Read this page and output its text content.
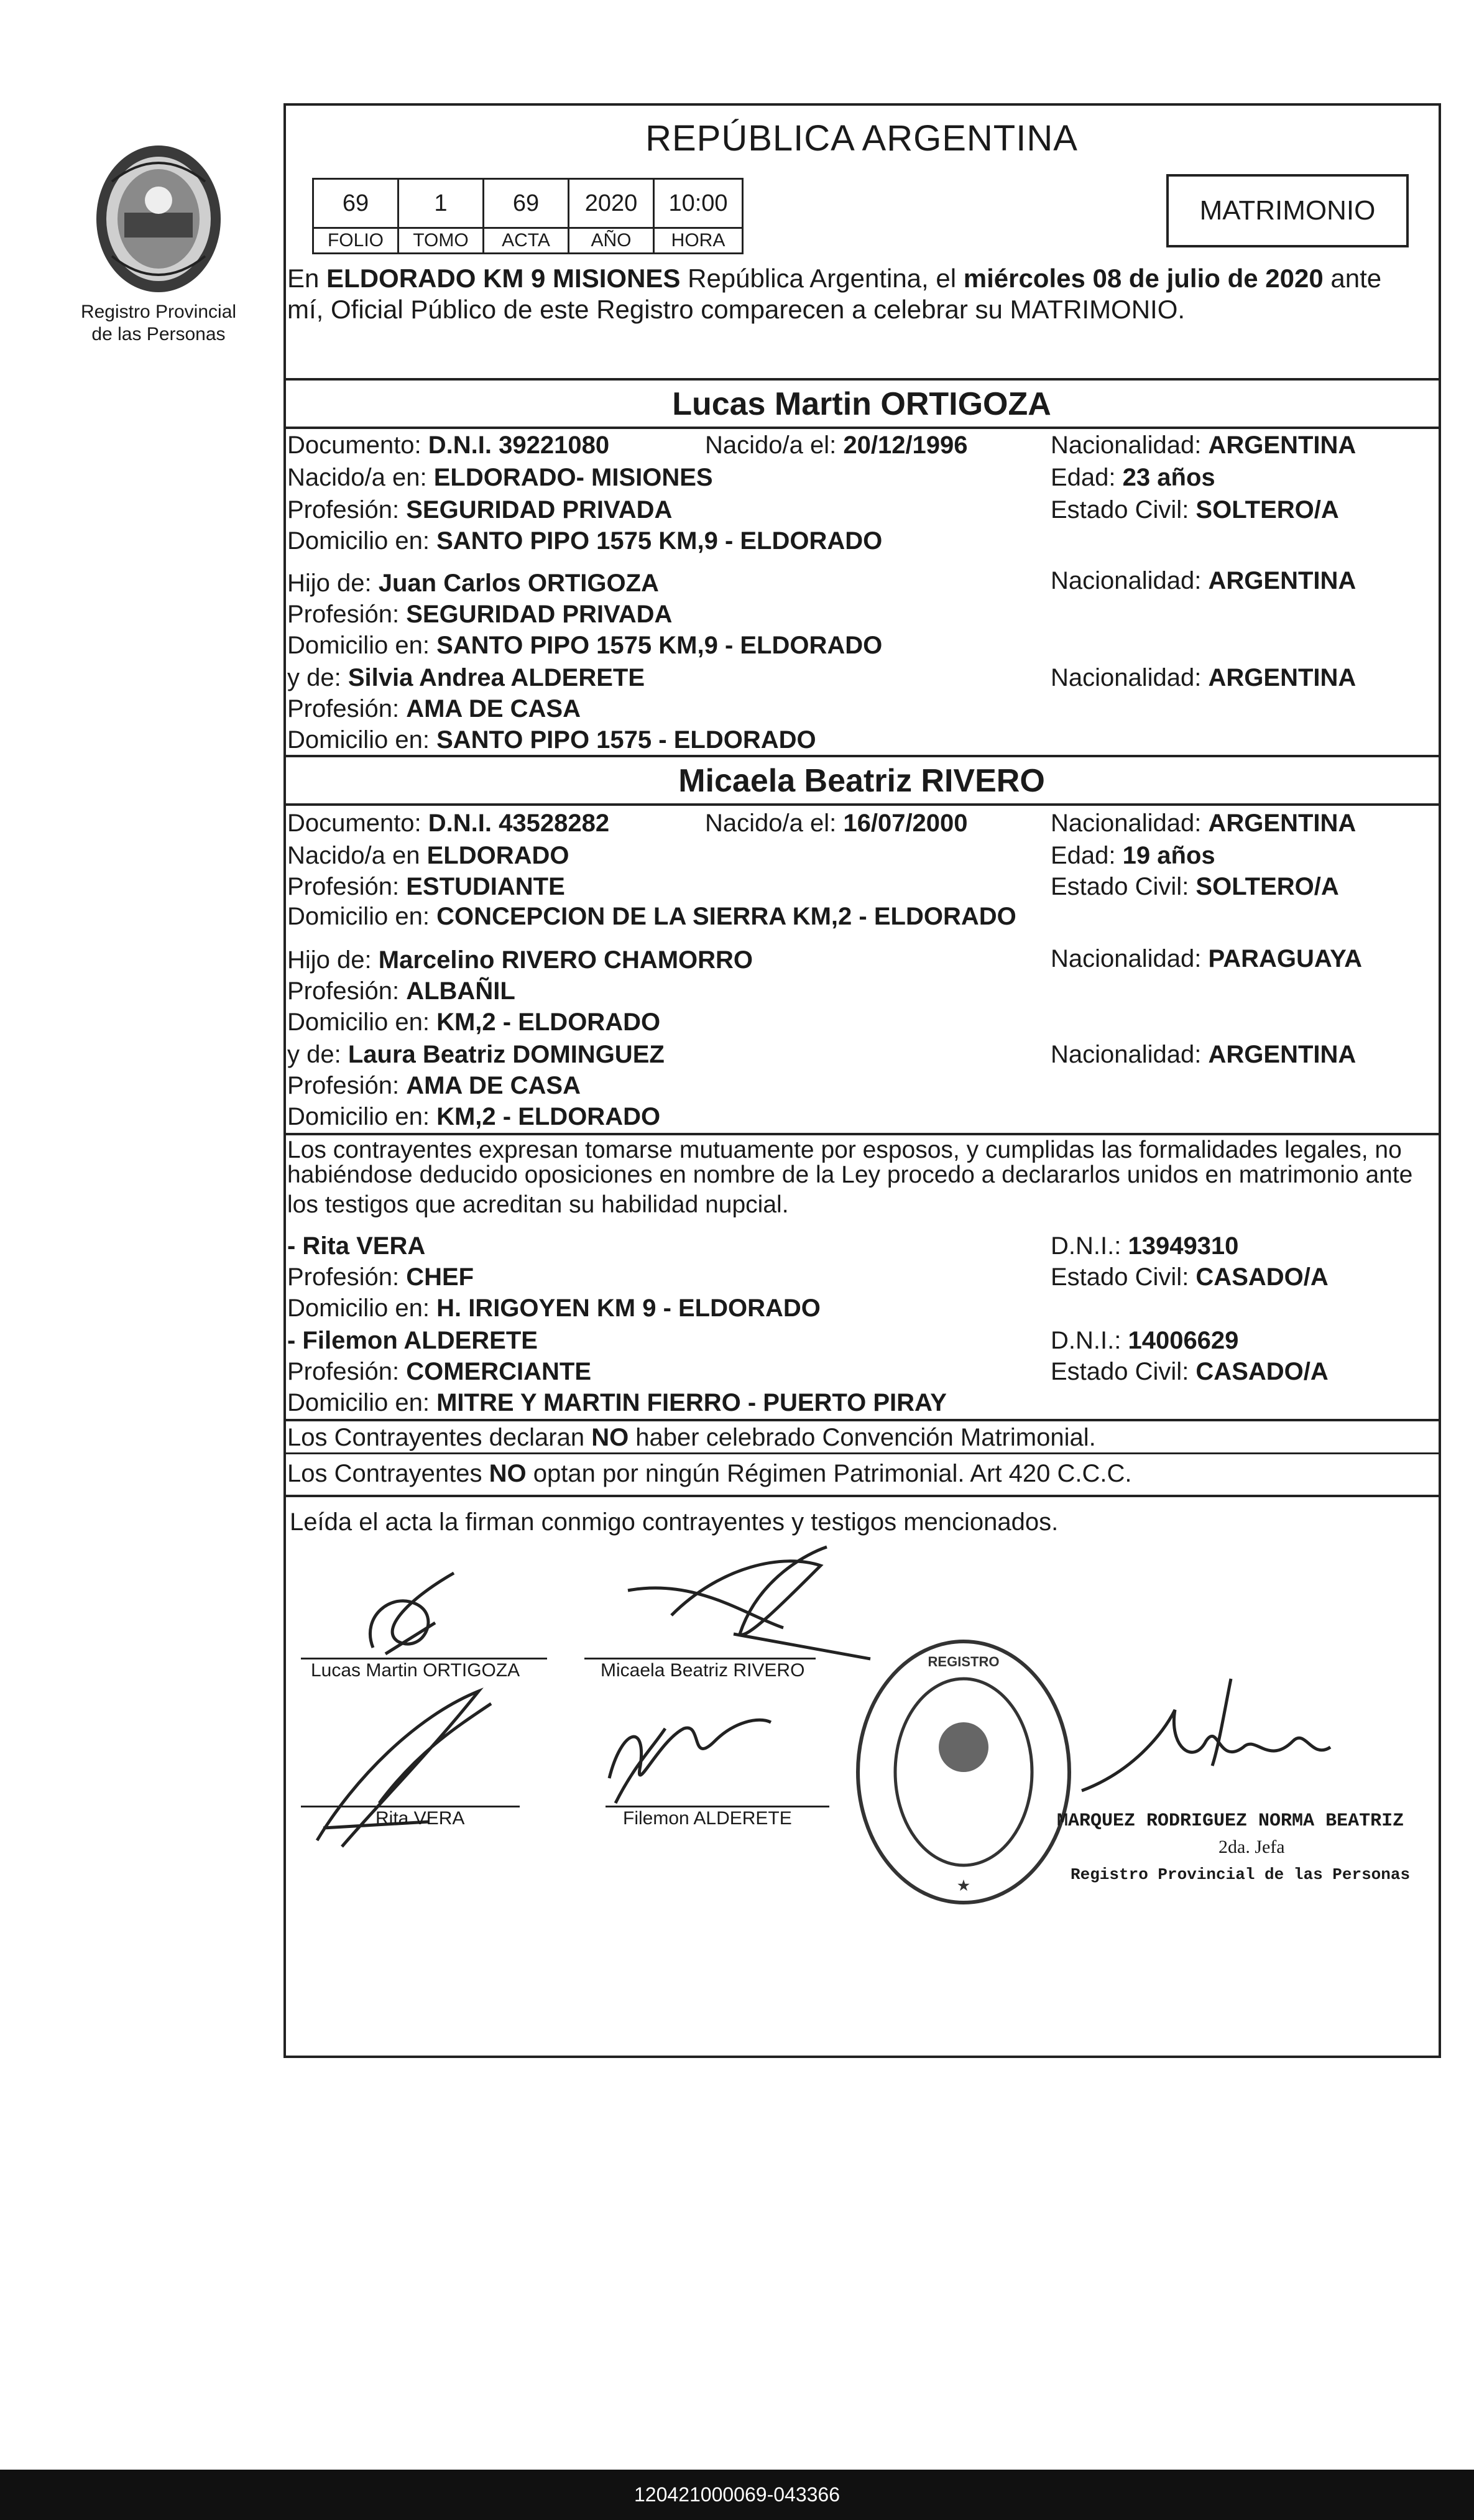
Registro Provincial
de las Personas
REPÚBLICA ARGENTINA
69	1	69	2020	10:00
FOLIO	TOMO	ACTA	AÑO	HORA
MATRIMONIO
En ELDORADO KM 9 MISIONES República Argentina, el miércoles 08 de julio de 2020 ante
mí, Oficial Público de este Registro comparecen a celebrar su MATRIMONIO.
Lucas Martin ORTIGOZA
Documento: D.N.I. 39221080	Nacido/a el: 20/12/1996	Nacionalidad: ARGENTINA
Nacido/a en: ELDORADO- MISIONES	Edad: 23 años
Profesión: SEGURIDAD PRIVADA	Estado Civil: SOLTERO/A
Domicilio en: SANTO PIPO 1575 KM,9 - ELDORADO
Hijo de: Juan Carlos ORTIGOZA	Nacionalidad: ARGENTINA
Profesión: SEGURIDAD PRIVADA
Domicilio en: SANTO PIPO 1575 KM,9 - ELDORADO
y de: Silvia Andrea ALDERETE	Nacionalidad: ARGENTINA
Profesión: AMA DE CASA
Domicilio en: SANTO PIPO 1575 - ELDORADO
Micaela Beatriz RIVERO
Documento: D.N.I. 43528282	Nacido/a el: 16/07/2000	Nacionalidad: ARGENTINA
Nacido/a en ELDORADO	Edad: 19 años
Profesión: ESTUDIANTE	Estado Civil: SOLTERO/A
Domicilio en: CONCEPCION DE LA SIERRA KM,2 - ELDORADO
Hijo de: Marcelino RIVERO CHAMORRO	Nacionalidad: PARAGUAYA
Profesión: ALBAÑIL
Domicilio en: KM,2 - ELDORADO
y de: Laura Beatriz DOMINGUEZ	Nacionalidad: ARGENTINA
Profesión: AMA DE CASA
Domicilio en: KM,2 - ELDORADO
Los contrayentes expresan tomarse mutuamente por esposos, y cumplidas las formalidades legales, no
habiéndose deducido oposiciones en nombre de la Ley procedo a declararlos unidos en matrimonio ante
los testigos que acreditan su habilidad nupcial.
- Rita VERA	D.N.I.: 13949310
Profesión: CHEF	Estado Civil: CASADO/A
Domicilio en: H. IRIGOYEN KM 9 - ELDORADO
- Filemon ALDERETE	D.N.I.: 14006629
Profesión: COMERCIANTE	Estado Civil: CASADO/A
Domicilio en: MITRE Y MARTIN FIERRO - PUERTO PIRAY
Los Contrayentes declaran NO haber celebrado Convención Matrimonial.
Los Contrayentes NO optan por ningún Régimen Patrimonial. Art 420 C.C.C.
Leída el acta la firman conmigo contrayentes y testigos mencionados.
Lucas Martin ORTIGOZA	Micaela Beatriz RIVERO
Rita VERA	Filemon ALDERETE
REGISTRO
★
MARQUEZ RODRIGUEZ NORMA BEATRIZ
2da. Jefa
Registro Provincial de las Personas
120421000069-043366
